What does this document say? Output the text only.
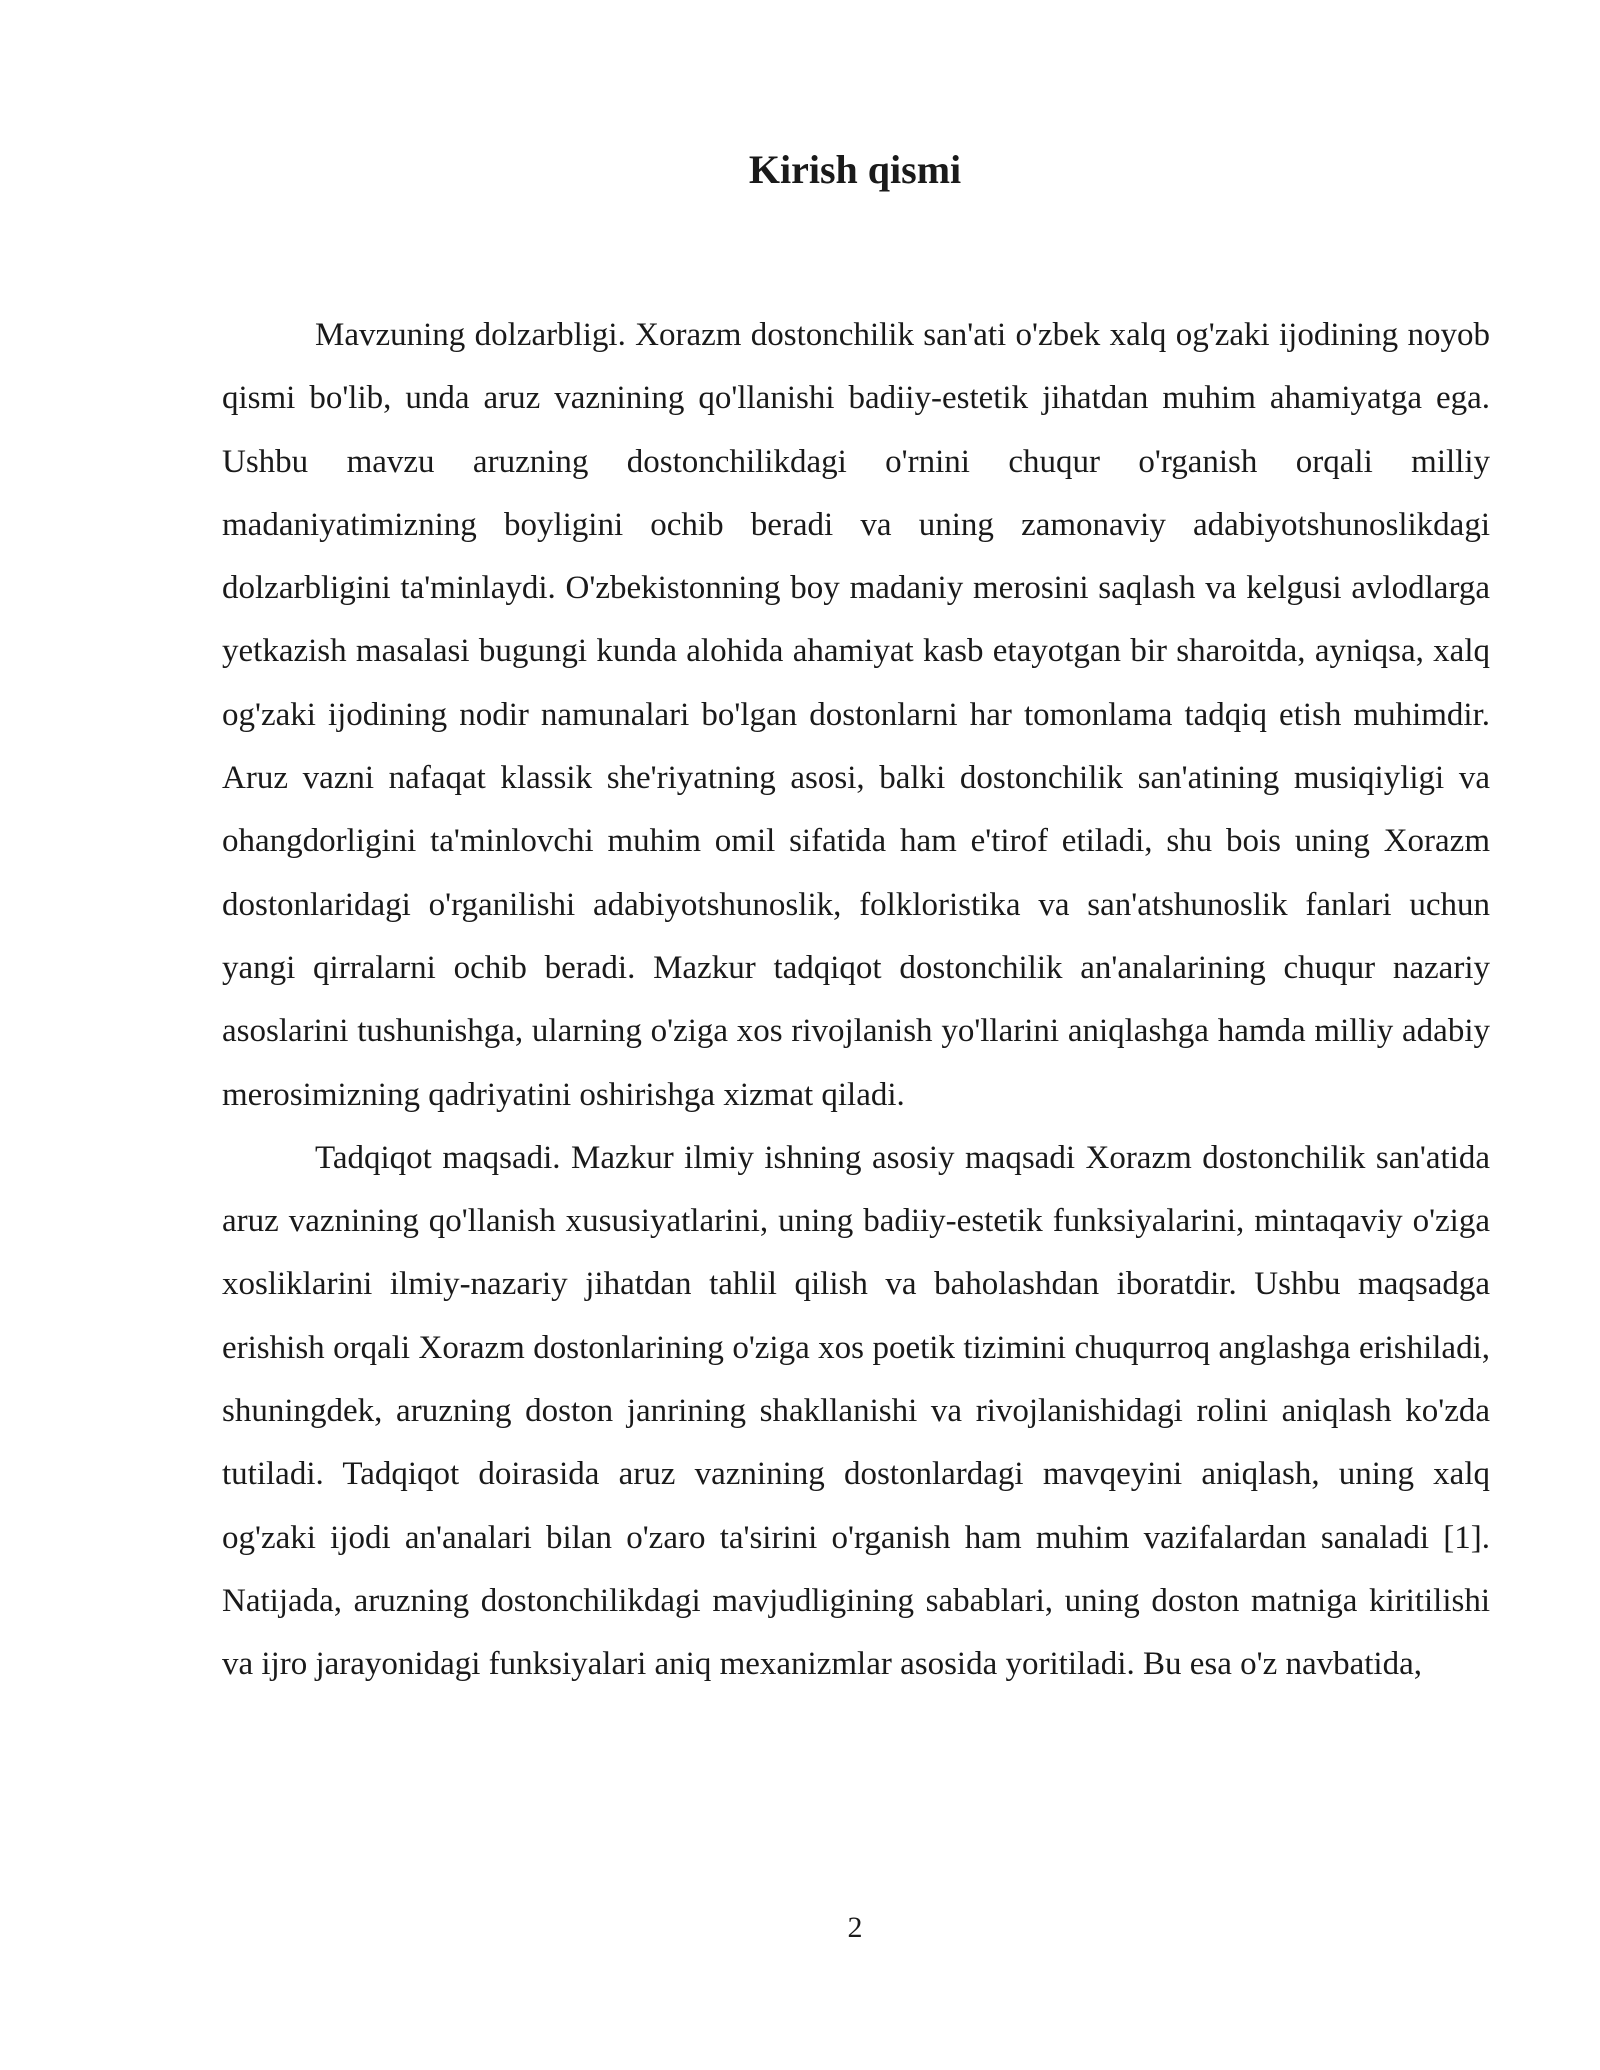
Kirish qismi

Mavzuning dolzarbligi. Xorazm dostonchilik san'ati o'zbek xalq og'zaki ijodining noyob qismi bo'lib, unda aruz vaznining qo'llanishi badiiy-estetik jihatdan muhim ahamiyatga ega. Ushbu mavzu aruzning dostonchilikdagi o'rnini chuqur o'rganish orqali milliy madaniyatimizning boyligini ochib beradi va uning zamonaviy adabiyotshunoslikdagi dolzarbligini ta'minlaydi. O'zbekistonning boy madaniy merosini saqlash va kelgusi avlodlarga yetkazish masalasi bugungi kunda alohida ahamiyat kasb etayotgan bir sharoitda, ayniqsa, xalq og'zaki ijodining nodir namunalari bo'lgan dostonlarni har tomonlama tadqiq etish muhimdir. Aruz vazni nafaqat klassik she'riyatning asosi, balki dostonchilik san'atining musiqiyligi va ohangdorligini ta'minlovchi muhim omil sifatida ham e'tirof etiladi, shu bois uning Xorazm dostonlaridagi o'rganilishi adabiyotshunoslik, folkloristika va san'atshunoslik fanlari uchun yangi qirralarni ochib beradi. Mazkur tadqiqot dostonchilik an'analarining chuqur nazariy asoslarini tushunishga, ularning o'ziga xos rivojlanish yo'llarini aniqlashga hamda milliy adabiy merosimizning qadriyatini oshirishga xizmat qiladi.

Tadqiqot maqsadi. Mazkur ilmiy ishning asosiy maqsadi Xorazm dostonchilik san'atida aruz vaznining qo'llanish xususiyatlarini, uning badiiy-estetik funksiyalarini, mintaqaviy o'ziga xosliklarini ilmiy-nazariy jihatdan tahlil qilish va baholashdan iboratdir. Ushbu maqsadga erishish orqali Xorazm dostonlarining o'ziga xos poetik tizimini chuqurroq anglashga erishiladi, shuningdek, aruzning doston janrining shakllanishi va rivojlanishidagi rolini aniqlash ko'zda tutiladi. Tadqiqot doirasida aruz vaznining dostonlardagi mavqeyini aniqlash, uning xalq og'zaki ijodi an'analari bilan o'zaro ta'sirini o'rganish ham muhim vazifalardan sanaladi [1]. Natijada, aruzning dostonchilikdagi mavjudligining sabablari, uning doston matniga kiritilishi va ijro jarayonidagi funksiyalari aniq mexanizmlar asosida yoritiladi. Bu esa o'z navbatida,

2
